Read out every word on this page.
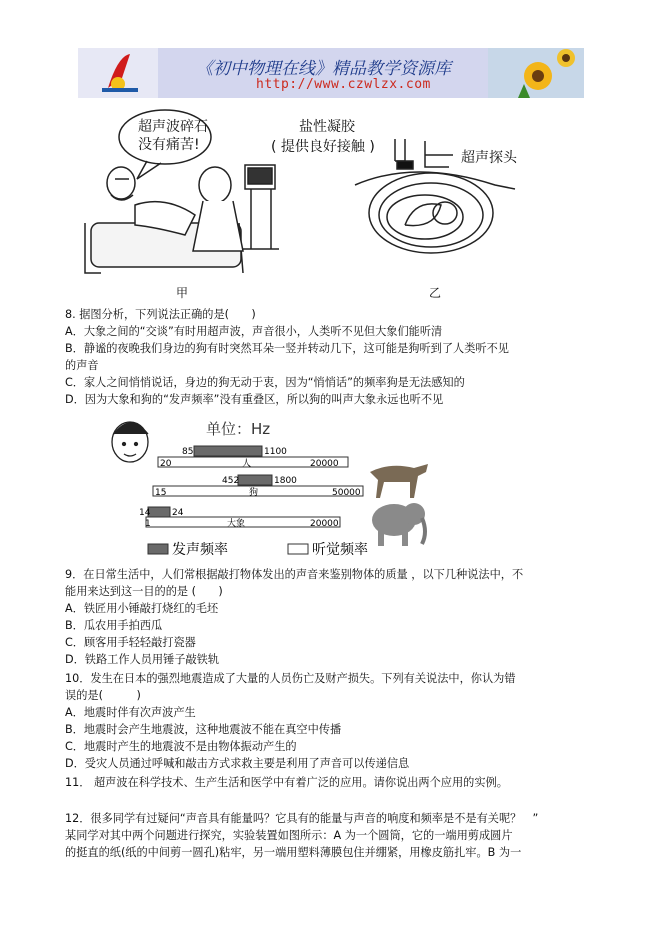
《初中物理在线》精品教学资源库
http://www.czwlzx.com
盐性凝胶
( 提供良好接触 )
超声探头
超声波碎石
没有痛苦!
甲	乙
8. 据图分析，下列说法正确的是(　　)
A．大象之间的“交谈”有时用超声波，声音很小，人类听不见但大象们能听清
B．静谧的夜晚我们身边的狗有时突然耳朵一竖并转动几下，这可能是狗听到了人类听不见
的声音
C．家人之间悄悄说话，身边的狗无动于衷，因为“悄悄话”的频率狗是无法感知的
D．因为大象和狗的“发声频率”没有重叠区，所以狗的叫声大象永远也听不见
单位：Hz
85	1100
20	人	20000
452	1800
15	狗	50000
14 24
1	大象	20000
发声频率	听觉频率
9．在日常生活中，人们常根据敲打物体发出的声音来鉴别物体的质量 ，以下几种说法中，不
能用来达到这一目的的是 (　　)
A．铁匠用小锤敲打烧红的毛坯
B．瓜农用手拍西瓜
C．顾客用手轻轻敲打瓷器
D．铁路工作人员用锤子敲铁轨
10．发生在日本的强烈地震造成了大量的人员伤亡及财产损失。下列有关说法中，你认为错
误的是(　　　)
A．地震时伴有次声波产生
B．地震时会产生地震波，这种地震波不能在真空中传播
C．地震时产生的地震波不是由物体振动产生的
D．受灾人员通过呼喊和敲击方式求救主要是利用了声音可以传递信息
11． 超声波在科学技术、生产生活和医学中有着广泛的应用。请你说出两个应用的实例。
12．很多同学有过疑问“声音具有能量吗？它具有的能量与声音的响度和频率是不是有关呢？　”
某同学对其中两个问题进行探究，实验装置如图所示：A 为一个圆筒，它的一端用剪成圆片
的挺直的纸(纸的中间剪一圆孔)粘牢，另一端用塑料薄膜包住并绷紧，用橡皮筋扎牢。B 为一
